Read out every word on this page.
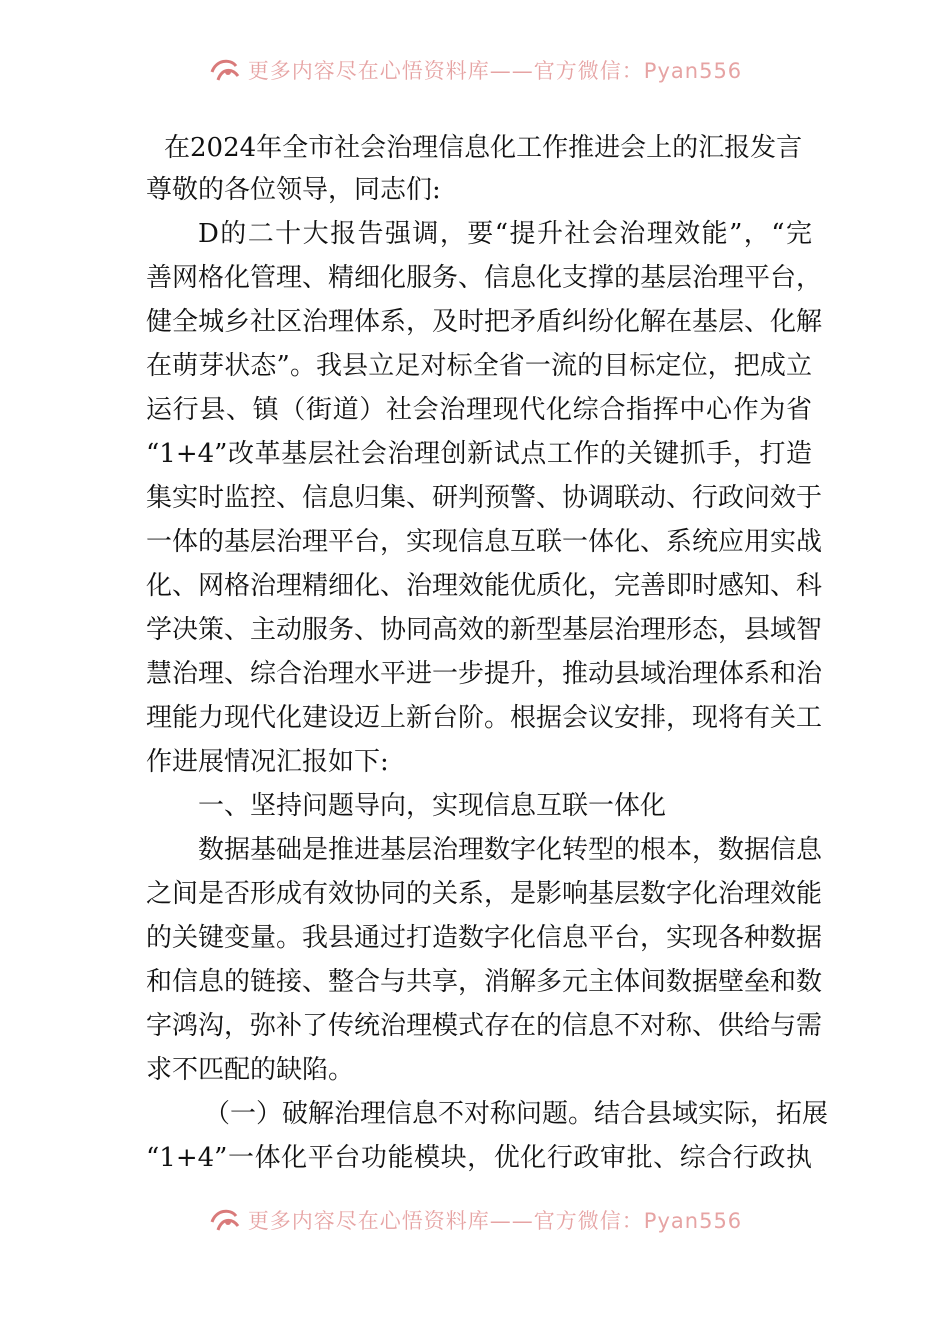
更多内容尽在心悟资料库——官方微信：Pyan556
在2024年全市社会治理信息化工作推进会上的汇报发言
尊敬的各位领导，同志们:
D的二十大报告强调，要“提升社会治理效能”，“完
善网格化管理、精细化服务、信息化支撑的基层治理平台，
健全城乡社区治理体系，及时把矛盾纠纷化解在基层、化解
在萌芽状态”。我县立足对标全省一流的目标定位，把成立
运行县、镇（街道）社会治理现代化综合指挥中心作为省
“1+4”改革基层社会治理创新试点工作的关键抓手，打造
集实时监控、信息归集、研判预警、协调联动、行政问效于
一体的基层治理平台，实现信息互联一体化、系统应用实战
化、网格治理精细化、治理效能优质化，完善即时感知、科
学决策、主动服务、协同高效的新型基层治理形态，县域智
慧治理、综合治理水平进一步提升，推动县域治理体系和治
理能力现代化建设迈上新台阶。根据会议安排，现将有关工
作进展情况汇报如下:
一、坚持问题导向，实现信息互联一体化
数据基础是推进基层治理数字化转型的根本，数据信息
之间是否形成有效协同的关系，是影响基层数字化治理效能
的关键变量。我县通过打造数字化信息平台，实现各种数据
和信息的链接、整合与共享，消解多元主体间数据壁垒和数
字鸿沟，弥补了传统治理模式存在的信息不对称、供给与需
求不匹配的缺陷。
（一）破解治理信息不对称问题。结合县域实际，拓展
“1+4”一体化平台功能模块，优化行政审批、综合行政执
更多内容尽在心悟资料库——官方微信：Pyan556
